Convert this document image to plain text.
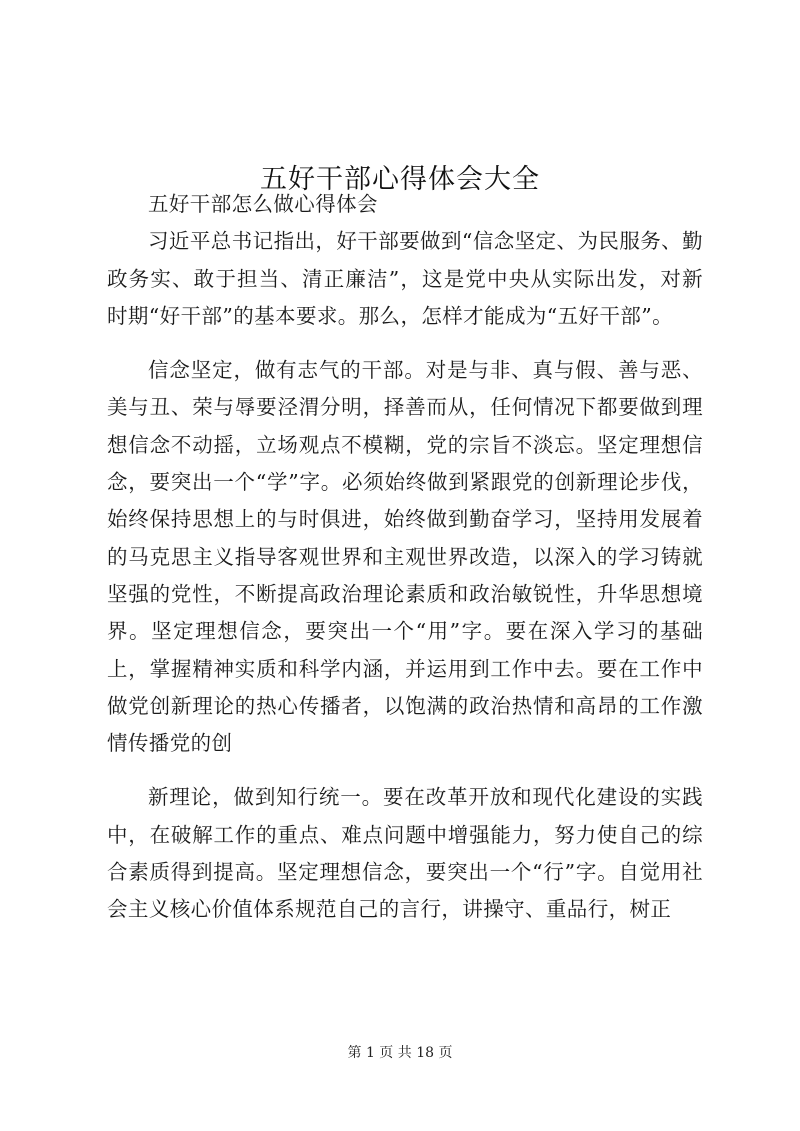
五好干部心得体会大全

五好干部怎么做心得体会

习近平总书记指出，好干部要做到“信念坚定、为民服务、勤政务实、敢于担当、清正廉洁”，这是党中央从实际出发，对新时期“好干部”的基本要求。那么，怎样才能成为“五好干部”。

信念坚定，做有志气的干部。对是与非、真与假、善与恶、美与丑、荣与辱要泾渭分明，择善而从，任何情况下都要做到理想信念不动摇，立场观点不模糊，党的宗旨不淡忘。坚定理想信念，要突出一个“学”字。必须始终做到紧跟党的创新理论步伐，始终保持思想上的与时俱进，始终做到勤奋学习，坚持用发展着的马克思主义指导客观世界和主观世界改造，以深入的学习铸就坚强的党性，不断提高政治理论素质和政治敏锐性，升华思想境界。坚定理想信念，要突出一个“用”字。要在深入学习的基础上，掌握精神实质和科学内涵，并运用到工作中去。要在工作中做党创新理论的热心传播者，以饱满的政治热情和高昂的工作激情传播党的创

新理论，做到知行统一。要在改革开放和现代化建设的实践中，在破解工作的重点、难点问题中增强能力，努力使自己的综合素质得到提高。坚定理想信念，要突出一个“行”字。自觉用社会主义核心价值体系规范自己的言行，讲操守、重品行，树正

第 1 页 共 18 页
